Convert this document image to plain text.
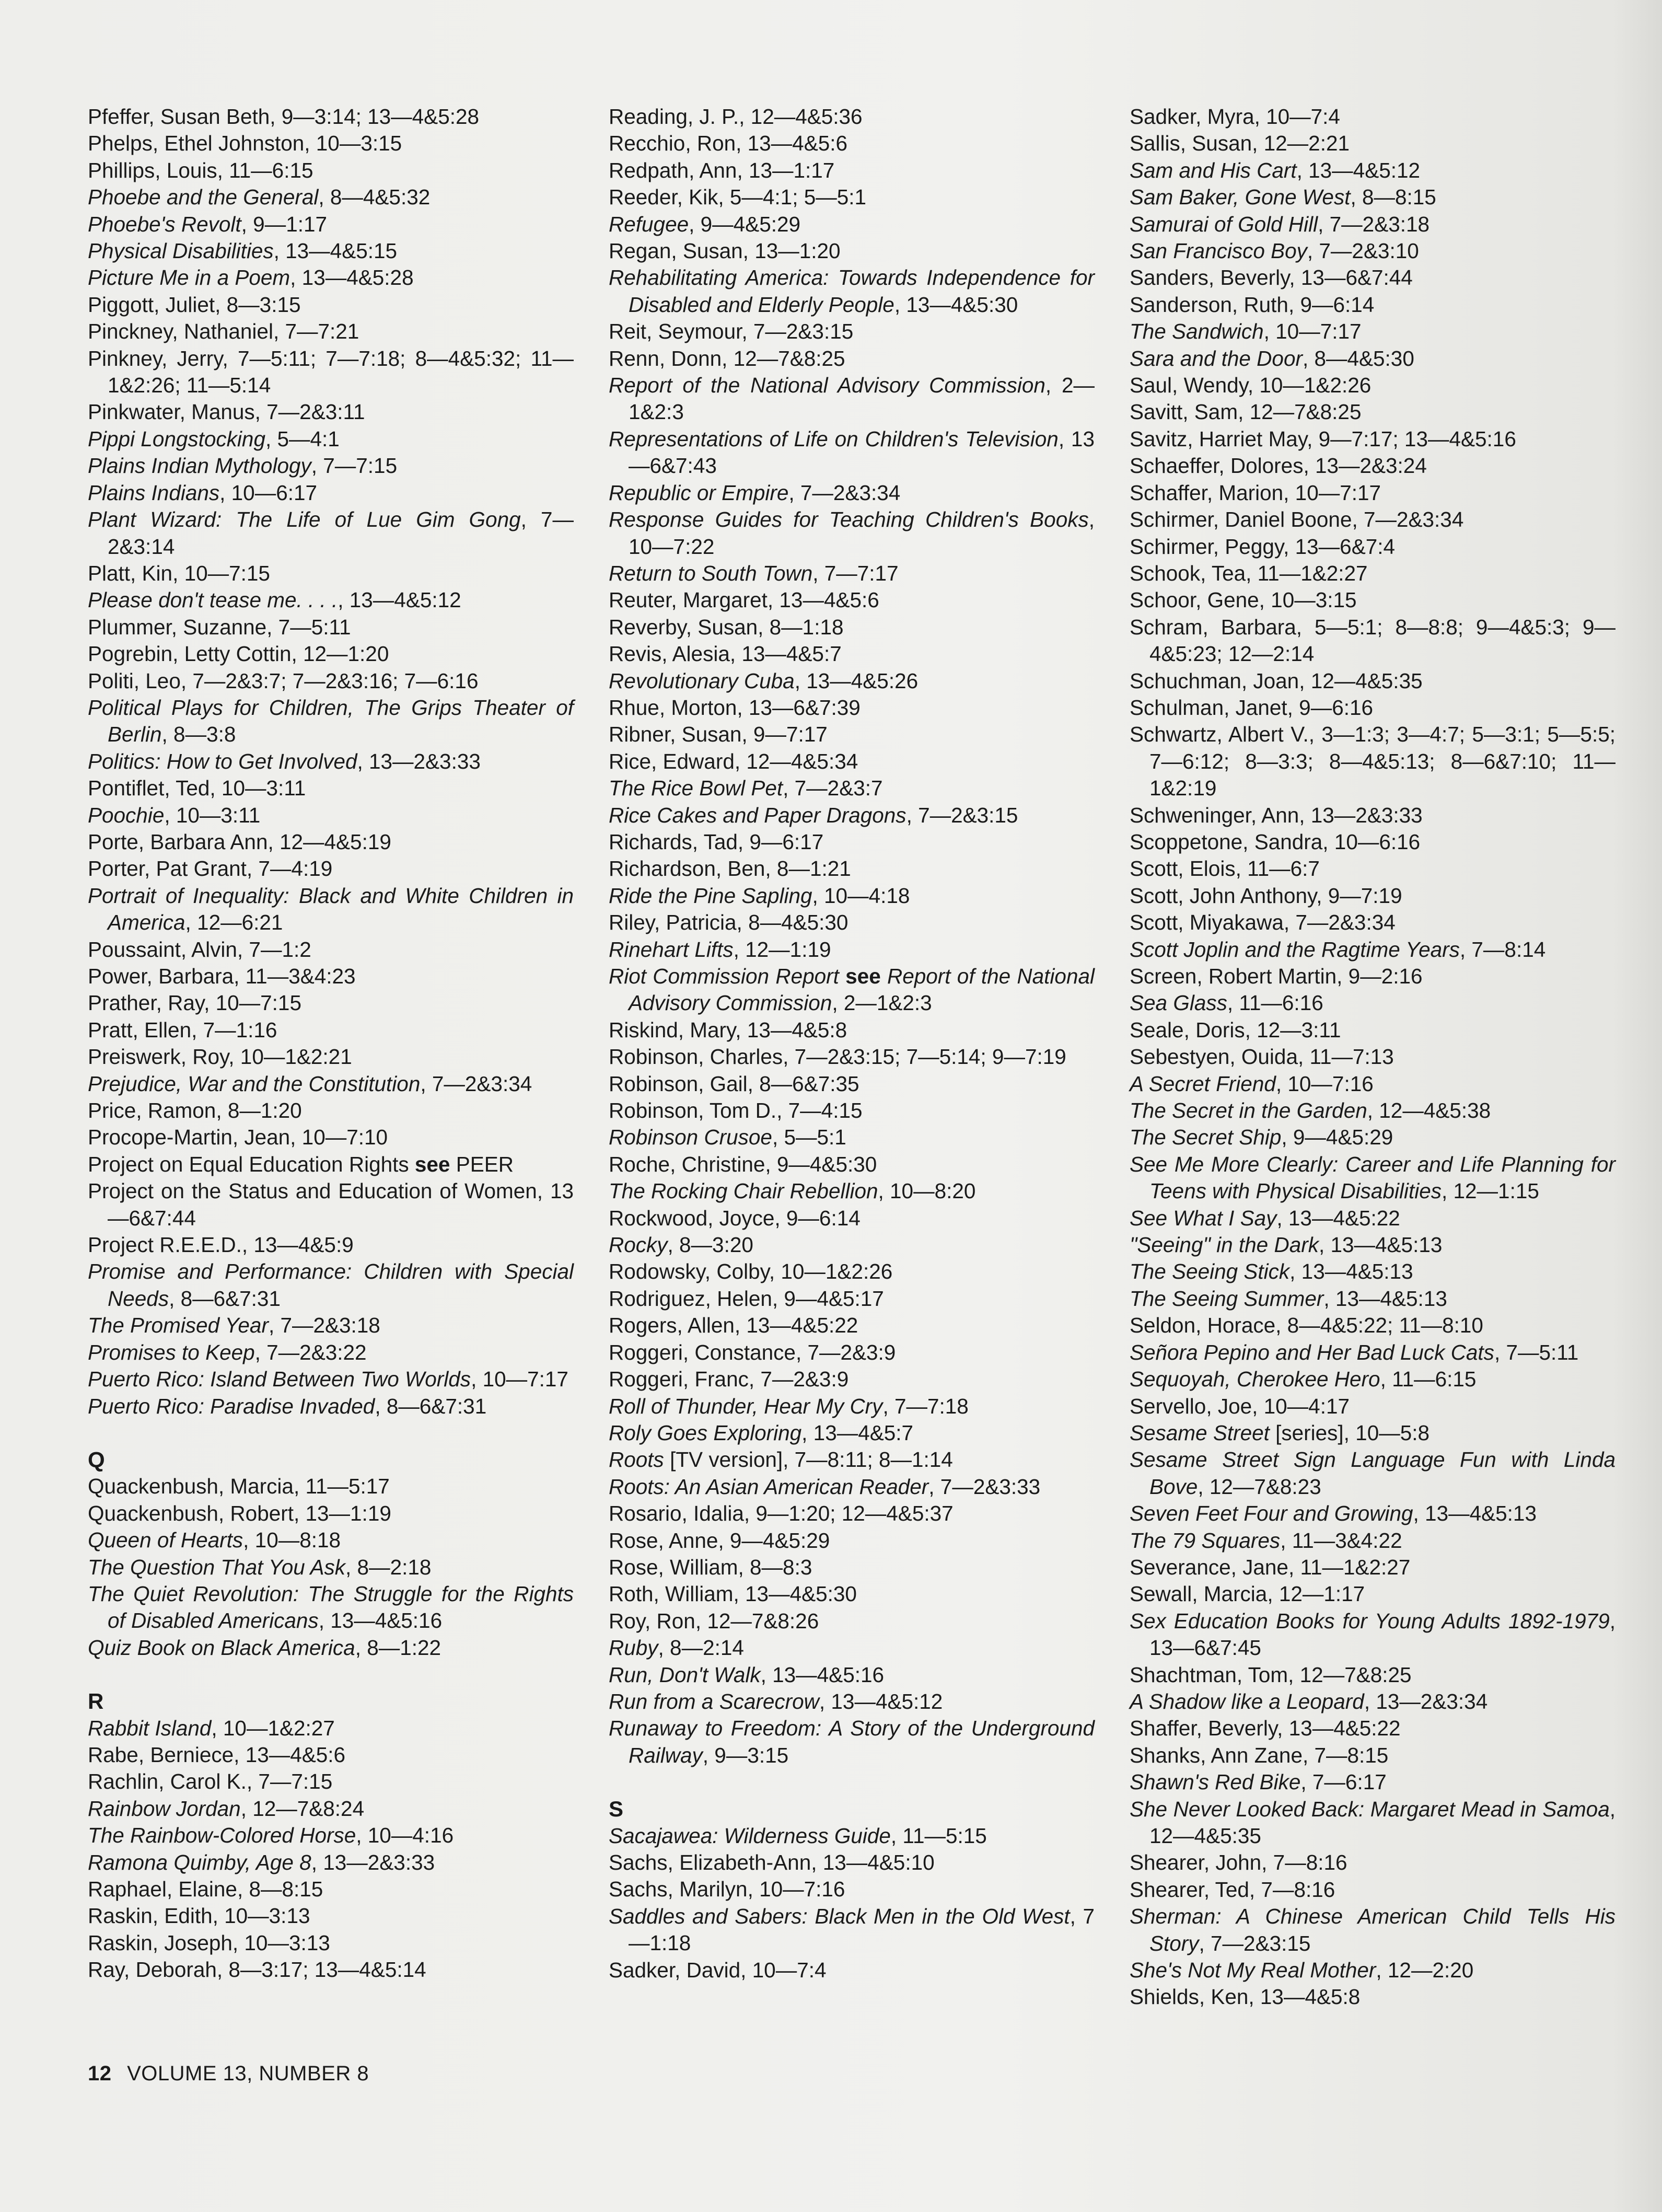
Pfeffer, Susan Beth, 9—3:14; 13—4&5:28
Phelps, Ethel Johnston, 10—3:15
Phillips, Louis, 11—6:15
Phoebe and the General, 8—4&5:32
Phoebe's Revolt, 9—1:17
Physical Disabilities, 13—4&5:15
Picture Me in a Poem, 13—4&5:28
Piggott, Juliet, 8—3:15
Pinckney, Nathaniel, 7—7:21
Pinkney, Jerry, 7—5:11; 7—7:18; 8—4&5:32; 11—1&2:26; 11—5:14
Pinkwater, Manus, 7—2&3:11
Pippi Longstocking, 5—4:1
Plains Indian Mythology, 7—7:15
Plains Indians, 10—6:17
Plant Wizard: The Life of Lue Gim Gong, 7—2&3:14
Platt, Kin, 10—7:15
Please don't tease me. . . ., 13—4&5:12
Plummer, Suzanne, 7—5:11
Pogrebin, Letty Cottin, 12—1:20
Politi, Leo, 7—2&3:7; 7—2&3:16; 7—6:16
Political Plays for Children, The Grips Theater of Berlin, 8—3:8
Politics: How to Get Involved, 13—2&3:33
Pontiflet, Ted, 10—3:11
Poochie, 10—3:11
Porte, Barbara Ann, 12—4&5:19
Porter, Pat Grant, 7—4:19
Portrait of Inequality: Black and White Children in America, 12—6:21
Poussaint, Alvin, 7—1:2
Power, Barbara, 11—3&4:23
Prather, Ray, 10—7:15
Pratt, Ellen, 7—1:16
Preiswerk, Roy, 10—1&2:21
Prejudice, War and the Constitution, 7—2&3:34
Price, Ramon, 8—1:20
Procope-Martin, Jean, 10—7:10
Project on Equal Education Rights see PEER
Project on the Status and Education of Women, 13—6&7:44
Project R.E.E.D., 13—4&5:9
Promise and Performance: Children with Special Needs, 8—6&7:31
The Promised Year, 7—2&3:18
Promises to Keep, 7—2&3:22
Puerto Rico: Island Between Two Worlds, 10—7:17
Puerto Rico: Paradise Invaded, 8—6&7:31
Q
Quackenbush, Marcia, 11—5:17
Quackenbush, Robert, 13—1:19
Queen of Hearts, 10—8:18
The Question That You Ask, 8—2:18
The Quiet Revolution: The Struggle for the Rights of Disabled Americans, 13—4&5:16
Quiz Book on Black America, 8—1:22
R
Rabbit Island, 10—1&2:27
Rabe, Berniece, 13—4&5:6
Rachlin, Carol K., 7—7:15
Rainbow Jordan, 12—7&8:24
The Rainbow-Colored Horse, 10—4:16
Ramona Quimby, Age 8, 13—2&3:33
Raphael, Elaine, 8—8:15
Raskin, Edith, 10—3:13
Raskin, Joseph, 10—3:13
Ray, Deborah, 8—3:17; 13—4&5:14
Reading, J. P., 12—4&5:36
Recchio, Ron, 13—4&5:6
Redpath, Ann, 13—1:17
Reeder, Kik, 5—4:1; 5—5:1
Refugee, 9—4&5:29
Regan, Susan, 13—1:20
Rehabilitating America: Towards Independence for Disabled and Elderly People, 13—4&5:30
Reit, Seymour, 7—2&3:15
Renn, Donn, 12—7&8:25
Report of the National Advisory Commission, 2—1&2:3
Representations of Life on Children's Television, 13—6&7:43
Republic or Empire, 7—2&3:34
Response Guides for Teaching Children's Books, 10—7:22
Return to South Town, 7—7:17
Reuter, Margaret, 13—4&5:6
Reverby, Susan, 8—1:18
Revis, Alesia, 13—4&5:7
Revolutionary Cuba, 13—4&5:26
Rhue, Morton, 13—6&7:39
Ribner, Susan, 9—7:17
Rice, Edward, 12—4&5:34
The Rice Bowl Pet, 7—2&3:7
Rice Cakes and Paper Dragons, 7—2&3:15
Richards, Tad, 9—6:17
Richardson, Ben, 8—1:21
Ride the Pine Sapling, 10—4:18
Riley, Patricia, 8—4&5:30
Rinehart Lifts, 12—1:19
Riot Commission Report see Report of the National Advisory Commission, 2—1&2:3
Riskind, Mary, 13—4&5:8
Robinson, Charles, 7—2&3:15; 7—5:14; 9—7:19
Robinson, Gail, 8—6&7:35
Robinson, Tom D., 7—4:15
Robinson Crusoe, 5—5:1
Roche, Christine, 9—4&5:30
The Rocking Chair Rebellion, 10—8:20
Rockwood, Joyce, 9—6:14
Rocky, 8—3:20
Rodowsky, Colby, 10—1&2:26
Rodriguez, Helen, 9—4&5:17
Rogers, Allen, 13—4&5:22
Roggeri, Constance, 7—2&3:9
Roggeri, Franc, 7—2&3:9
Roll of Thunder, Hear My Cry, 7—7:18
Roly Goes Exploring, 13—4&5:7
Roots [TV version], 7—8:11; 8—1:14
Roots: An Asian American Reader, 7—2&3:33
Rosario, Idalia, 9—1:20; 12—4&5:37
Rose, Anne, 9—4&5:29
Rose, William, 8—8:3
Roth, William, 13—4&5:30
Roy, Ron, 12—7&8:26
Ruby, 8—2:14
Run, Don't Walk, 13—4&5:16
Run from a Scarecrow, 13—4&5:12
Runaway to Freedom: A Story of the Underground Railway, 9—3:15
S
Sacajawea: Wilderness Guide, 11—5:15
Sachs, Elizabeth-Ann, 13—4&5:10
Sachs, Marilyn, 10—7:16
Saddles and Sabers: Black Men in the Old West, 7—1:18
Sadker, David, 10—7:4
Sadker, Myra, 10—7:4
Sallis, Susan, 12—2:21
Sam and His Cart, 13—4&5:12
Sam Baker, Gone West, 8—8:15
Samurai of Gold Hill, 7—2&3:18
San Francisco Boy, 7—2&3:10
Sanders, Beverly, 13—6&7:44
Sanderson, Ruth, 9—6:14
The Sandwich, 10—7:17
Sara and the Door, 8—4&5:30
Saul, Wendy, 10—1&2:26
Savitt, Sam, 12—7&8:25
Savitz, Harriet May, 9—7:17; 13—4&5:16
Schaeffer, Dolores, 13—2&3:24
Schaffer, Marion, 10—7:17
Schirmer, Daniel Boone, 7—2&3:34
Schirmer, Peggy, 13—6&7:4
Schook, Tea, 11—1&2:27
Schoor, Gene, 10—3:15
Schram, Barbara, 5—5:1; 8—8:8; 9—4&5:3; 9—4&5:23; 12—2:14
Schuchman, Joan, 12—4&5:35
Schulman, Janet, 9—6:16
Schwartz, Albert V., 3—1:3; 3—4:7; 5—3:1; 5—5:5; 7—6:12; 8—3:3; 8—4&5:13; 8—6&7:10; 11—1&2:19
Schweninger, Ann, 13—2&3:33
Scoppetone, Sandra, 10—6:16
Scott, Elois, 11—6:7
Scott, John Anthony, 9—7:19
Scott, Miyakawa, 7—2&3:34
Scott Joplin and the Ragtime Years, 7—8:14
Screen, Robert Martin, 9—2:16
Sea Glass, 11—6:16
Seale, Doris, 12—3:11
Sebestyen, Ouida, 11—7:13
A Secret Friend, 10—7:16
The Secret in the Garden, 12—4&5:38
The Secret Ship, 9—4&5:29
See Me More Clearly: Career and Life Planning for Teens with Physical Disabilities, 12—1:15
See What I Say, 13—4&5:22
"Seeing" in the Dark, 13—4&5:13
The Seeing Stick, 13—4&5:13
The Seeing Summer, 13—4&5:13
Seldon, Horace, 8—4&5:22; 11—8:10
Señora Pepino and Her Bad Luck Cats, 7—5:11
Sequoyah, Cherokee Hero, 11—6:15
Servello, Joe, 10—4:17
Sesame Street [series], 10—5:8
Sesame Street Sign Language Fun with Linda Bove, 12—7&8:23
Seven Feet Four and Growing, 13—4&5:13
The 79 Squares, 11—3&4:22
Severance, Jane, 11—1&2:27
Sewall, Marcia, 12—1:17
Sex Education Books for Young Adults 1892-1979, 13—6&7:45
Shachtman, Tom, 12—7&8:25
A Shadow like a Leopard, 13—2&3:34
Shaffer, Beverly, 13—4&5:22
Shanks, Ann Zane, 7—8:15
Shawn's Red Bike, 7—6:17
She Never Looked Back: Margaret Mead in Samoa, 12—4&5:35
Shearer, John, 7—8:16
Shearer, Ted, 7—8:16
Sherman: A Chinese American Child Tells His Story, 7—2&3:15
She's Not My Real Mother, 12—2:20
Shields, Ken, 13—4&5:8
12 VOLUME 13, NUMBER 8
